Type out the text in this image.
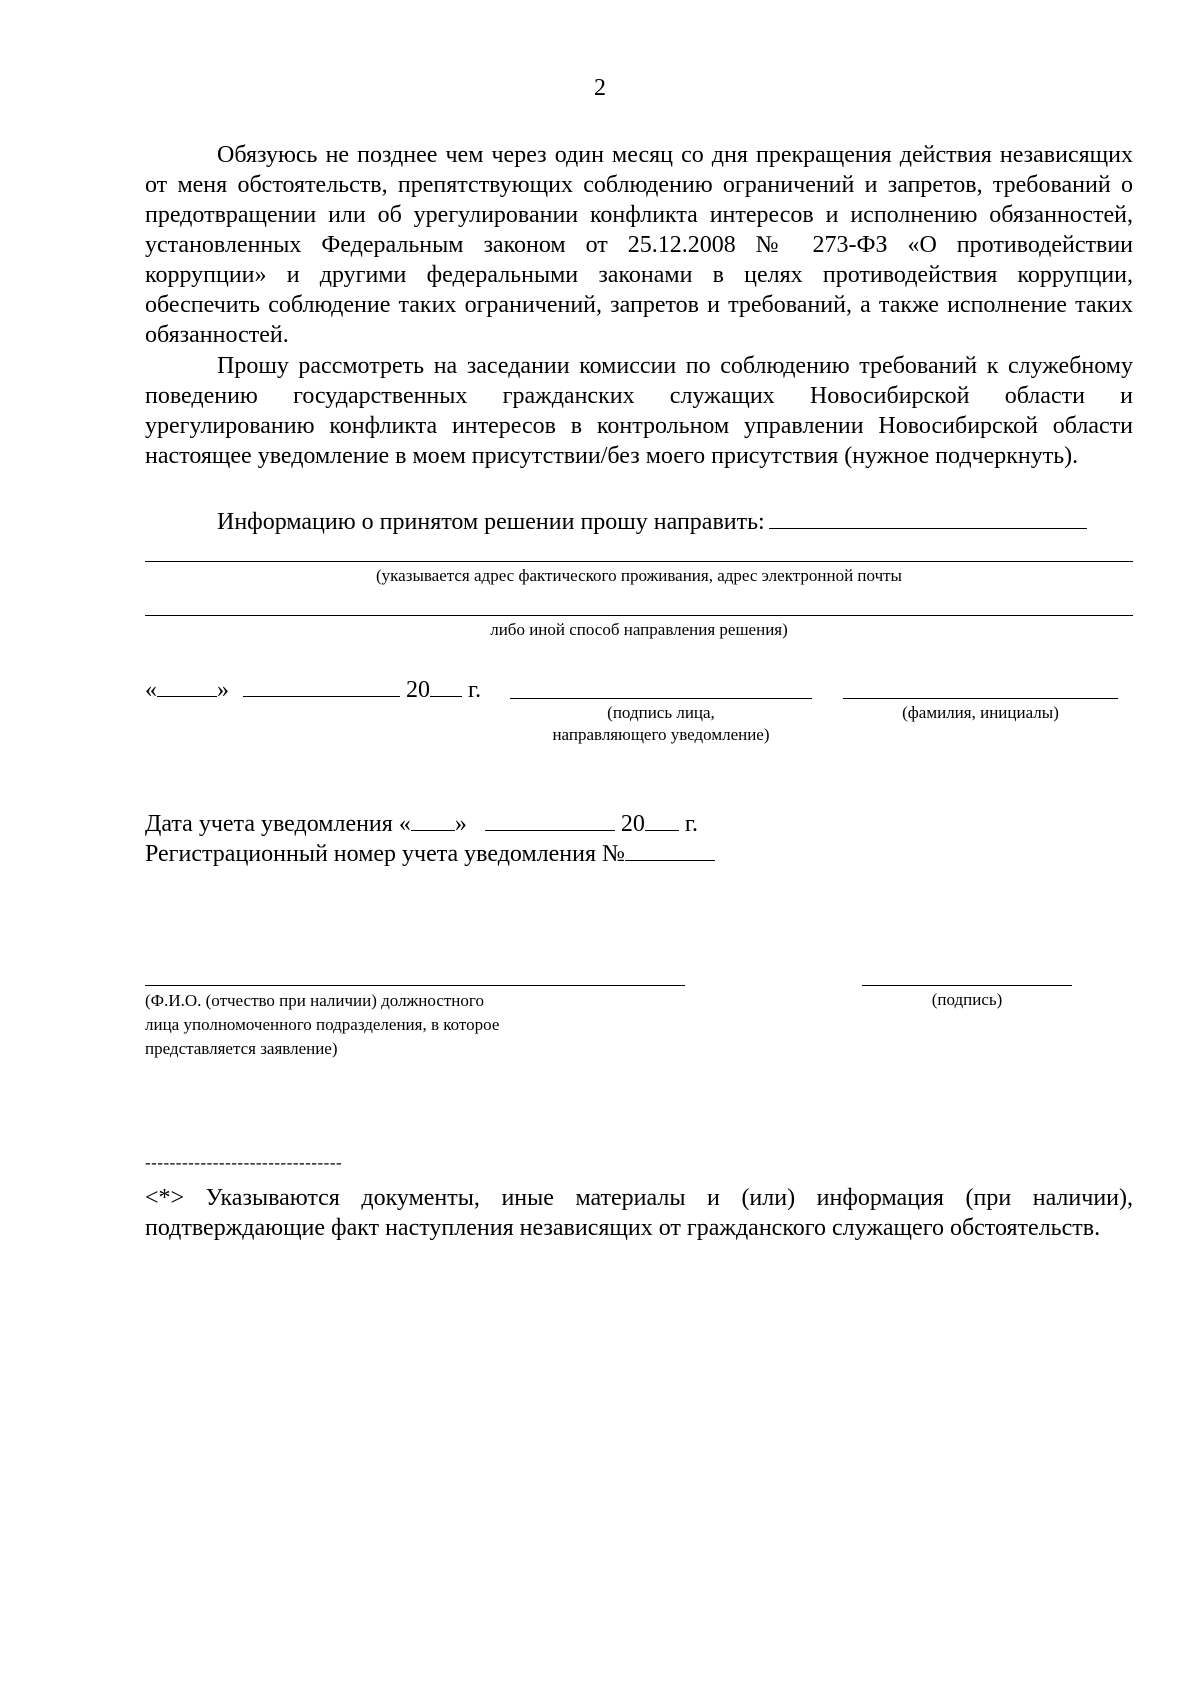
2

Обязуюсь не позднее чем через один месяц со дня прекращения действия независящих от меня обстоятельств, препятствующих соблюдению ограничений и запретов, требований о предотвращении или об урегулировании конфликта интересов и исполнению обязанностей, установленных Федеральным законом от 25.12.2008 № 273-ФЗ «О противодействии коррупции» и другими федеральными законами в целях противодействия коррупции, обеспечить соблюдение таких ограничений, запретов и требований, а также исполнение таких обязанностей.

Прошу рассмотреть на заседании комиссии по соблюдению требований к служебному поведению государственных гражданских служащих Новосибирской области и урегулированию конфликта интересов в контрольном управлении Новосибирской области настоящее уведомление в моем присутствии/без моего присутствия (нужное подчеркнуть).

Информацию о принятом решении прошу направить:
(указывается адрес фактического проживания, адрес электронной почты
либо иной способ направления решения)
«	»	20 г.
(подпись лица,
направляющего уведомление)
(фамилия, инициалы)
Дата учета уведомления « »	20 г.
Регистрационный номер учета уведомления №
(Ф.И.О. (отчество при наличии) должностного
лица уполномоченного подразделения, в которое
представляется заявление)
(подпись)
--------------------------------

<*> Указываются документы, иные материалы и (или) информация (при наличии), подтверждающие факт наступления независящих от гражданского служащего обстоятельств.
